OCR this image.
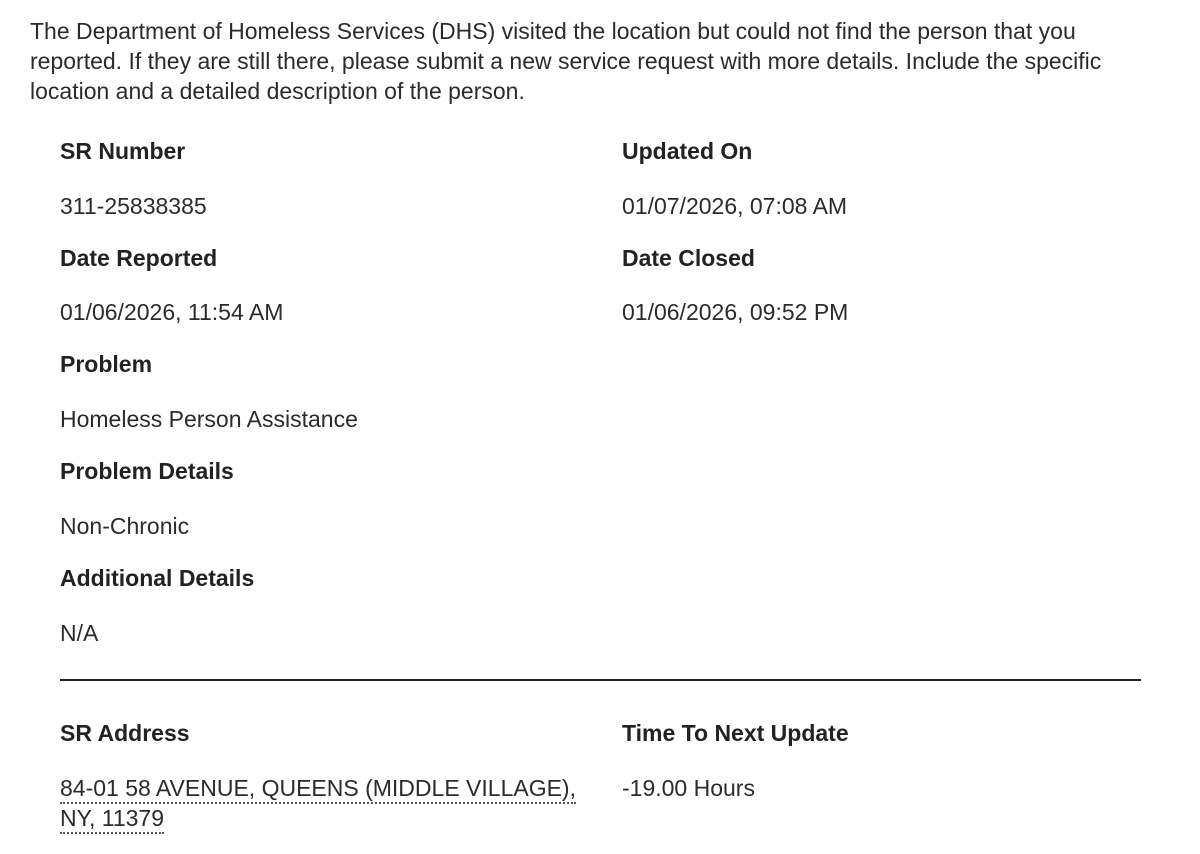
The Department of Homeless Services (DHS) visited the location but could not find the person that you reported. If they are still there, please submit a new service request with more details. Include the specific location and a detailed description of the person.

SR Number
311-25838385
Updated On
01/07/2026, 07:08 AM
Date Reported
01/06/2026, 11:54 AM
Date Closed
01/06/2026, 09:52 PM
Problem
Homeless Person Assistance
Problem Details
Non-Chronic
Additional Details
N/A
SR Address
84-01 58 AVENUE, QUEENS (MIDDLE VILLAGE),
NY, 11379
Time To Next Update
-19.00 Hours
